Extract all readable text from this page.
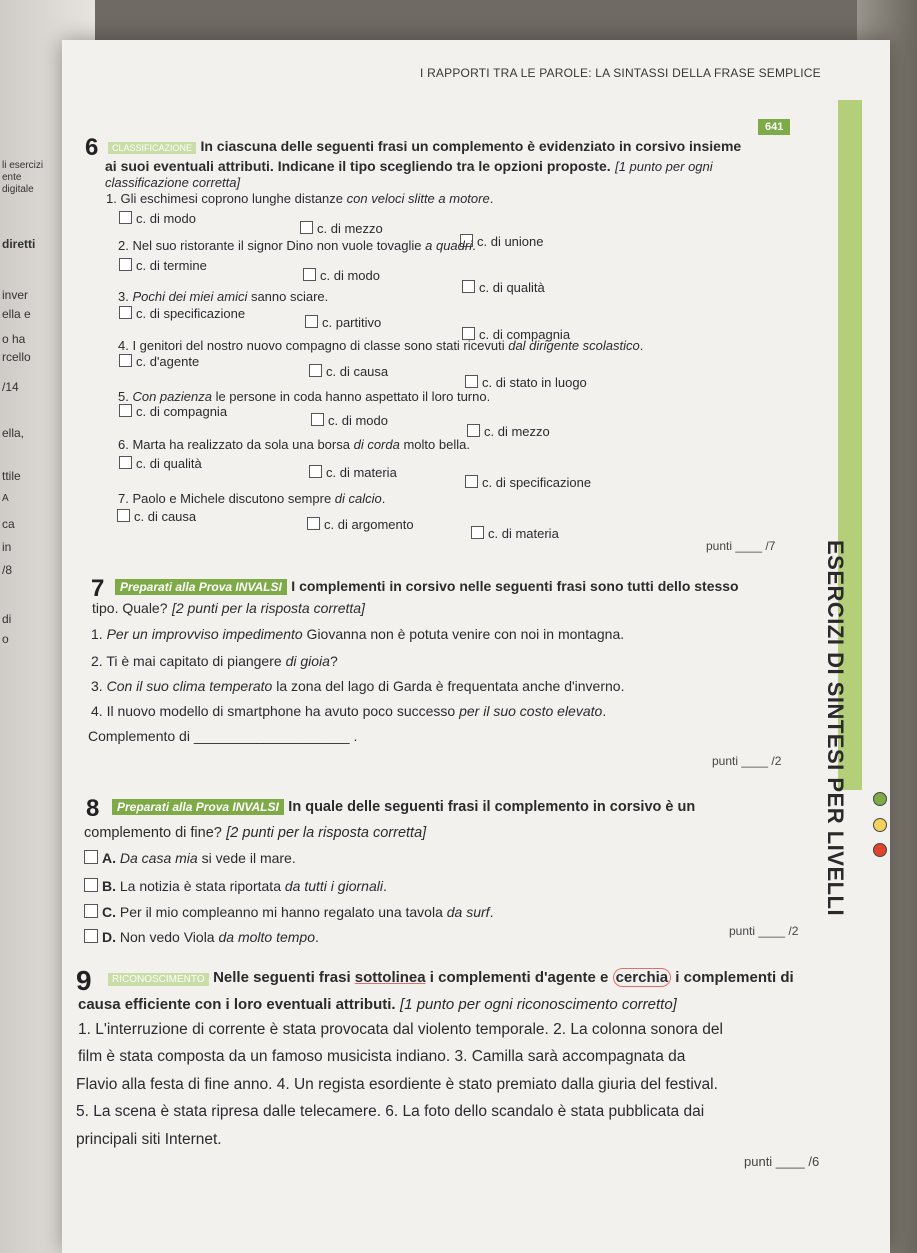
li esercizi
ente
digitale
diretti
inver
ella e
o ha
rcello
/14
ella,
ttile
A
ca
in
/8
di
o
I RAPPORTI TRA LE PAROLE: LA SINTASSI DELLA FRASE SEMPLICE
641
ESERCIZI DI SINTESI PER LIVELLI
6	CLASSIFICAZIONE In ciascuna delle seguenti frasi un complemento è evidenziato in corsivo insieme
ai suoi eventuali attributi. Indicane il tipo scegliendo tra le opzioni proposte. [1 punto per ogni
classificazione corretta]
1. Gli eschimesi coprono lunghe distanze con veloci slitte a motore.
c. di modo
c. di mezzo
c. di unione
2. Nel suo ristorante il signor Dino non vuole tovaglie a quadri.
c. di termine
c. di modo
c. di qualità
3. Pochi dei miei amici sanno sciare.
c. di specificazione
c. partitivo
c. di compagnia
4. I genitori del nostro nuovo compagno di classe sono stati ricevuti dal dirigente scolastico.
c. d'agente
c. di causa
c. di stato in luogo
5. Con pazienza le persone in coda hanno aspettato il loro turno.
c. di compagnia
c. di modo
c. di mezzo
6. Marta ha realizzato da sola una borsa di corda molto bella.
c. di qualità
c. di materia
c. di specificazione
7. Paolo e Michele discutono sempre di calcio.
c. di causa
c. di argomento
c. di materia
punti ____ /7
7	Preparati alla Prova INVALSI I complementi in corsivo nelle seguenti frasi sono tutti dello stesso
tipo. Quale? [2 punti per la risposta corretta]
1. Per un improvviso impedimento Giovanna non è potuta venire con noi in montagna.
2. Ti è mai capitato di piangere di gioia?
3. Con il suo clima temperato la zona del lago di Garda è frequentata anche d'inverno.
4. Il nuovo modello di smartphone ha avuto poco successo per il suo costo elevato.
Complemento di ____________________ .
punti ____ /2
8	Preparati alla Prova INVALSI In quale delle seguenti frasi il complemento in corsivo è un
complemento di fine? [2 punti per la risposta corretta]
A. Da casa mia si vede il mare.
B. La notizia è stata riportata da tutti i giornali.
C. Per il mio compleanno mi hanno regalato una tavola da surf.
D. Non vedo Viola da molto tempo.	punti ____ /2
9	RICONOSCIMENTO Nelle seguenti frasi sottolinea i complementi d'agente e cerchia i complementi di
causa efficiente con i loro eventuali attributi. [1 punto per ogni riconoscimento corretto]
1. L'interruzione di corrente è stata provocata dal violento temporale. 2. La colonna sonora del
film è stata composta da un famoso musicista indiano. 3. Camilla sarà accompagnata da
Flavio alla festa di fine anno. 4. Un regista esordiente è stato premiato dalla giuria del festival.
5. La scena è stata ripresa dalle telecamere. 6. La foto dello scandalo è stata pubblicata dai
principali siti Internet.
punti ____ /6
